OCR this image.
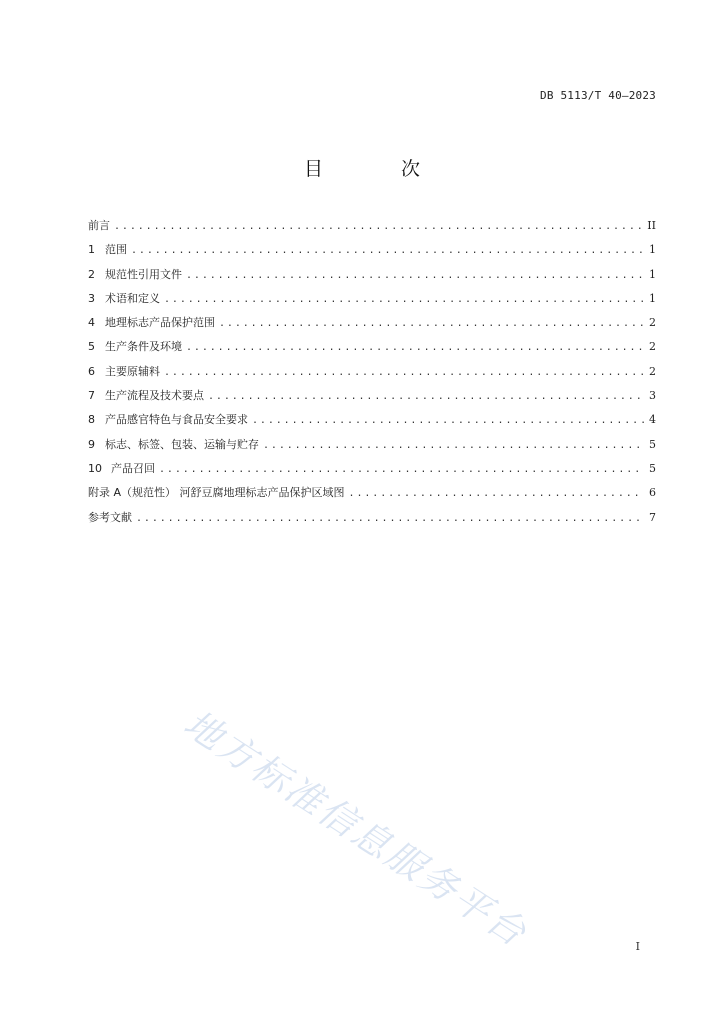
DB 5113/T 40—2023
目 次
前言 .....	II
1 范围 .....	1
2 规范性引用文件 .....	1
3 术语和定义 .....	1
4 地理标志产品保护范围 .....	2
5 生产条件及环境 .....	2
6 主要原辅料 .....	2
7 生产流程及技术要点 .....	3
8 产品感官特色与食品安全要求 .....	4
9 标志、标签、包装、运输与贮存 .....	5
10 产品召回 .....	5
附录 A（规范性） 河舒豆腐地理标志产品保护区域图 .....	6
参考文献 .....	7
地方标准信息服务平台	I
